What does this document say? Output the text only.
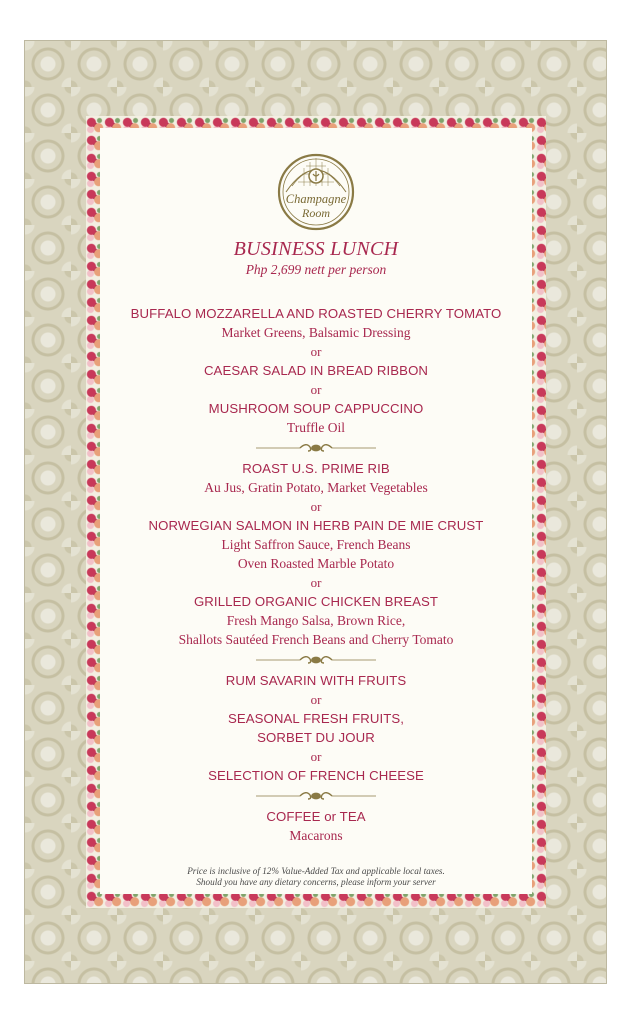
Champagne
Room
BUSINESS LUNCH
Php 2,699 nett per person
BUFFALO MOZZARELLA AND ROASTED CHERRY TOMATO
Market Greens, Balsamic Dressing
or
CAESAR SALAD IN BREAD RIBBON
or
MUSHROOM SOUP CAPPUCCINO
Truffle Oil
ROAST U.S. PRIME RIB
Au Jus, Gratin Potato, Market Vegetables
or
NORWEGIAN SALMON IN HERB PAIN DE MIE CRUST
Light Saffron Sauce, French Beans
Oven Roasted Marble Potato
or
GRILLED ORGANIC CHICKEN BREAST
Fresh Mango Salsa, Brown Rice,
Shallots Sautéed French Beans and Cherry Tomato
RUM SAVARIN WITH FRUITS
or
SEASONAL FRESH FRUITS,
SORBET DU JOUR
or
SELECTION OF FRENCH CHEESE
COFFEE or TEA
Macarons
Price is inclusive of 12% Value-Added Tax and applicable local taxes.
Should you have any dietary concerns, please inform your server
